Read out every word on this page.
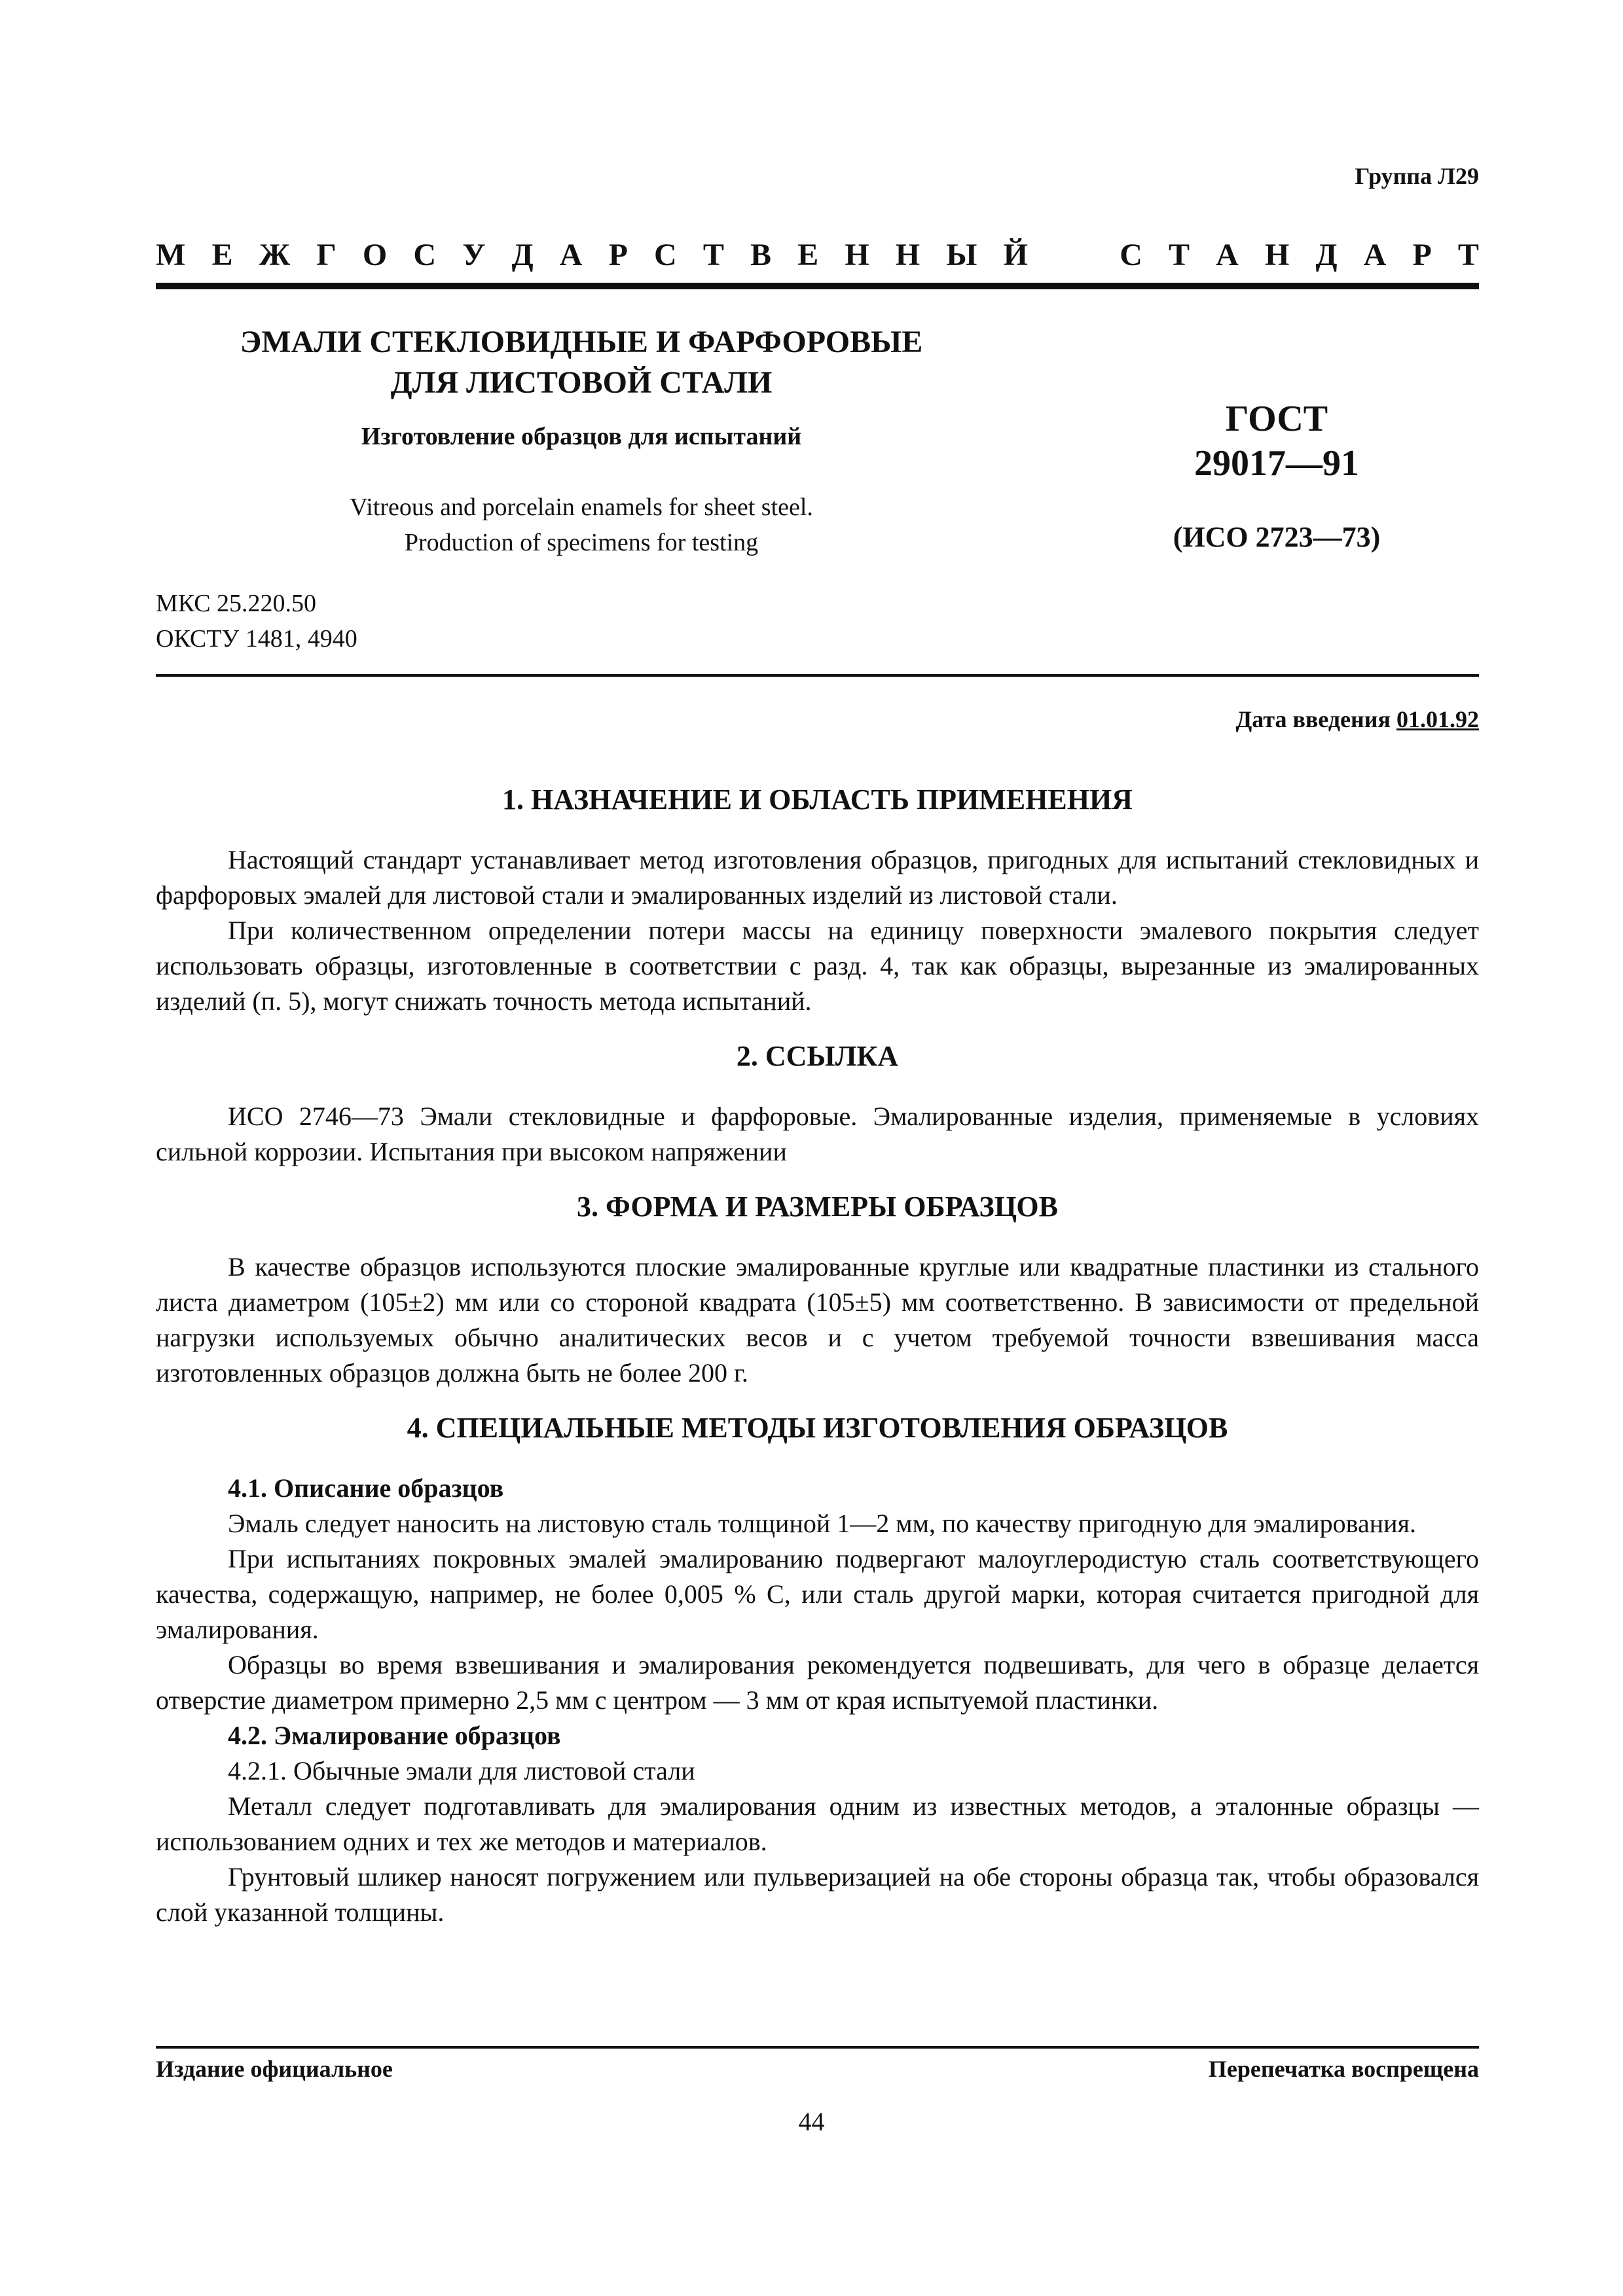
Группа Л29
М Е Ж Г О С У Д А Р С Т В Е Н Н Ы Й	С Т А Н Д А Р Т
ЭМАЛИ СТЕКЛОВИДНЫЕ И ФАРФОРОВЫЕ
ДЛЯ ЛИСТОВОЙ СТАЛИ
Изготовление образцов для испытаний
Vitreous and porcelain enamels for sheet steel.
Production of specimens for testing
ГОСТ
29017—91
(ИСО 2723—73)
МКС 25.220.50
ОКСТУ 1481, 4940
Дата введения 01.01.92

1. НАЗНАЧЕНИЕ И ОБЛАСТЬ ПРИМЕНЕНИЯ

Настоящий стандарт устанавливает метод изготовления образцов, пригодных для испытаний стекловидных и фарфоровых эмалей для листовой стали и эмалированных изделий из листовой стали.

При количественном определении потери массы на единицу поверхности эмалевого покрытия следует использовать образцы, изготовленные в соответствии с разд. 4, так как образцы, вырезанные из эмалированных изделий (п. 5), могут снижать точность метода испытаний.

2. ССЫЛКА

ИСО 2746—73 Эмали стекловидные и фарфоровые. Эмалированные изделия, применяемые в условиях сильной коррозии. Испытания при высоком напряжении

3. ФОРМА И РАЗМЕРЫ ОБРАЗЦОВ

В качестве образцов используются плоские эмалированные круглые или квадратные пластинки из стального листа диаметром (105±2) мм или со стороной квадрата (105±5) мм соответственно. В зависимости от предельной нагрузки используемых обычно аналитических весов и с учетом требуемой точности взвешивания масса изготовленных образцов должна быть не более 200 г.

4. СПЕЦИАЛЬНЫЕ МЕТОДЫ ИЗГОТОВЛЕНИЯ ОБРАЗЦОВ

4.1. Описание образцов

Эмаль следует наносить на листовую сталь толщиной 1—2 мм, по качеству пригодную для эмалирования.

При испытаниях покровных эмалей эмалированию подвергают малоуглеродистую сталь соответствующего качества, содержащую, например, не более 0,005 % С, или сталь другой марки, которая считается пригодной для эмалирования.

Образцы во время взвешивания и эмалирования рекомендуется подвешивать, для чего в образце делается отверстие диаметром примерно 2,5 мм с центром — 3 мм от края испытуемой пластинки.

4.2. Эмалирование образцов

4.2.1. Обычные эмали для листовой стали

Металл следует подготавливать для эмалирования одним из известных методов, а эталонные образцы — использованием одних и тех же методов и материалов.

Грунтовый шликер наносят погружением или пульверизацией на обе стороны образца так, чтобы образовался слой указанной толщины.

Издание официальное	Перепечатка воспрещена
44
